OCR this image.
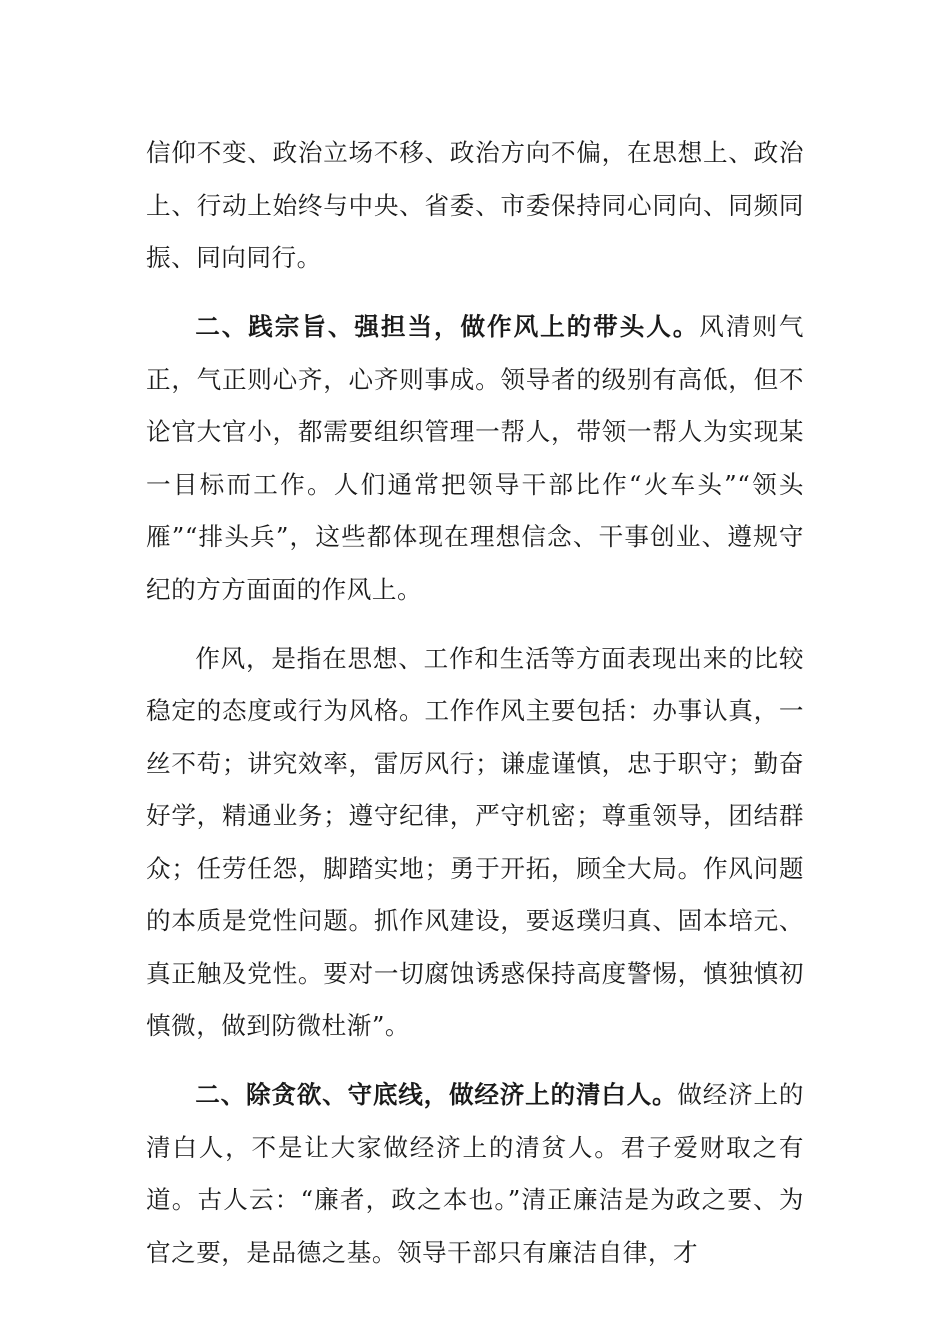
信仰不变、政治立场不移、政治方向不偏，在思想上、政治上、行动上始终与中央、省委、市委保持同心同向、同频同振、同向同行。

二、践宗旨、强担当，做作风上的带头人。风清则气正，气正则心齐，心齐则事成。领导者的级别有高低，但不论官大官小，都需要组织管理一帮人，带领一帮人为实现某一目标而工作。人们通常把领导干部比作“火车头”“领头雁”“排头兵”，这些都体现在理想信念、干事创业、遵规守纪的方方面面的作风上。

作风，是指在思想、工作和生活等方面表现出来的比较稳定的态度或行为风格。工作作风主要包括：办事认真，一丝不苟；讲究效率，雷厉风行；谦虚谨慎，忠于职守；勤奋好学，精通业务；遵守纪律，严守机密；尊重领导，团结群众；任劳任怨，脚踏实地；勇于开拓，顾全大局。作风问题的本质是党性问题。抓作风建设，要返璞归真、固本培元、真正触及党性。要对一切腐蚀诱惑保持高度警惕，慎独慎初慎微，做到防微杜渐”。

二、除贪欲、守底线，做经济上的清白人。做经济上的清白人，不是让大家做经济上的清贫人。君子爱财取之有道。古人云：“廉者，政之本也。”清正廉洁是为政之要、为官之要，是品德之基。领导干部只有廉洁自律，才
